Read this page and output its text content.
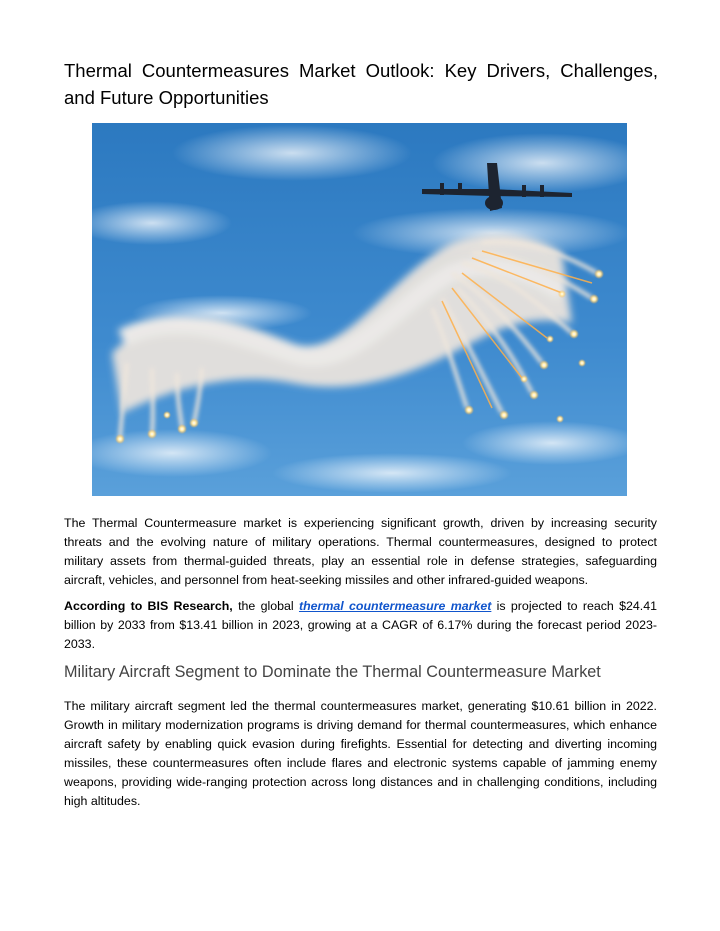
Thermal Countermeasures Market Outlook: Key Drivers, Challenges,
and Future Opportunities
The Thermal Countermeasure market is experiencing significant growth, driven by increasing security threats and the evolving nature of military operations. Thermal countermeasures, designed to protect military assets from thermal-guided threats, play an essential role in defense strategies, safeguarding aircraft, vehicles, and personnel from heat-seeking missiles and other infrared-guided weapons.
According to BIS Research, the global thermal countermeasure market is projected to reach $24.41 billion by 2033 from $13.41 billion in 2023, growing at a CAGR of 6.17% during the forecast period 2023-2033.
Military Aircraft Segment to Dominate the Thermal Countermeasure Market
The military aircraft segment led the thermal countermeasures market, generating $10.61 billion in 2022. Growth in military modernization programs is driving demand for thermal countermeasures, which enhance aircraft safety by enabling quick evasion during firefights. Essential for detecting and diverting incoming missiles, these countermeasures often include flares and electronic systems capable of jamming enemy weapons, providing wide-ranging protection across long distances and in challenging conditions, including high altitudes.
